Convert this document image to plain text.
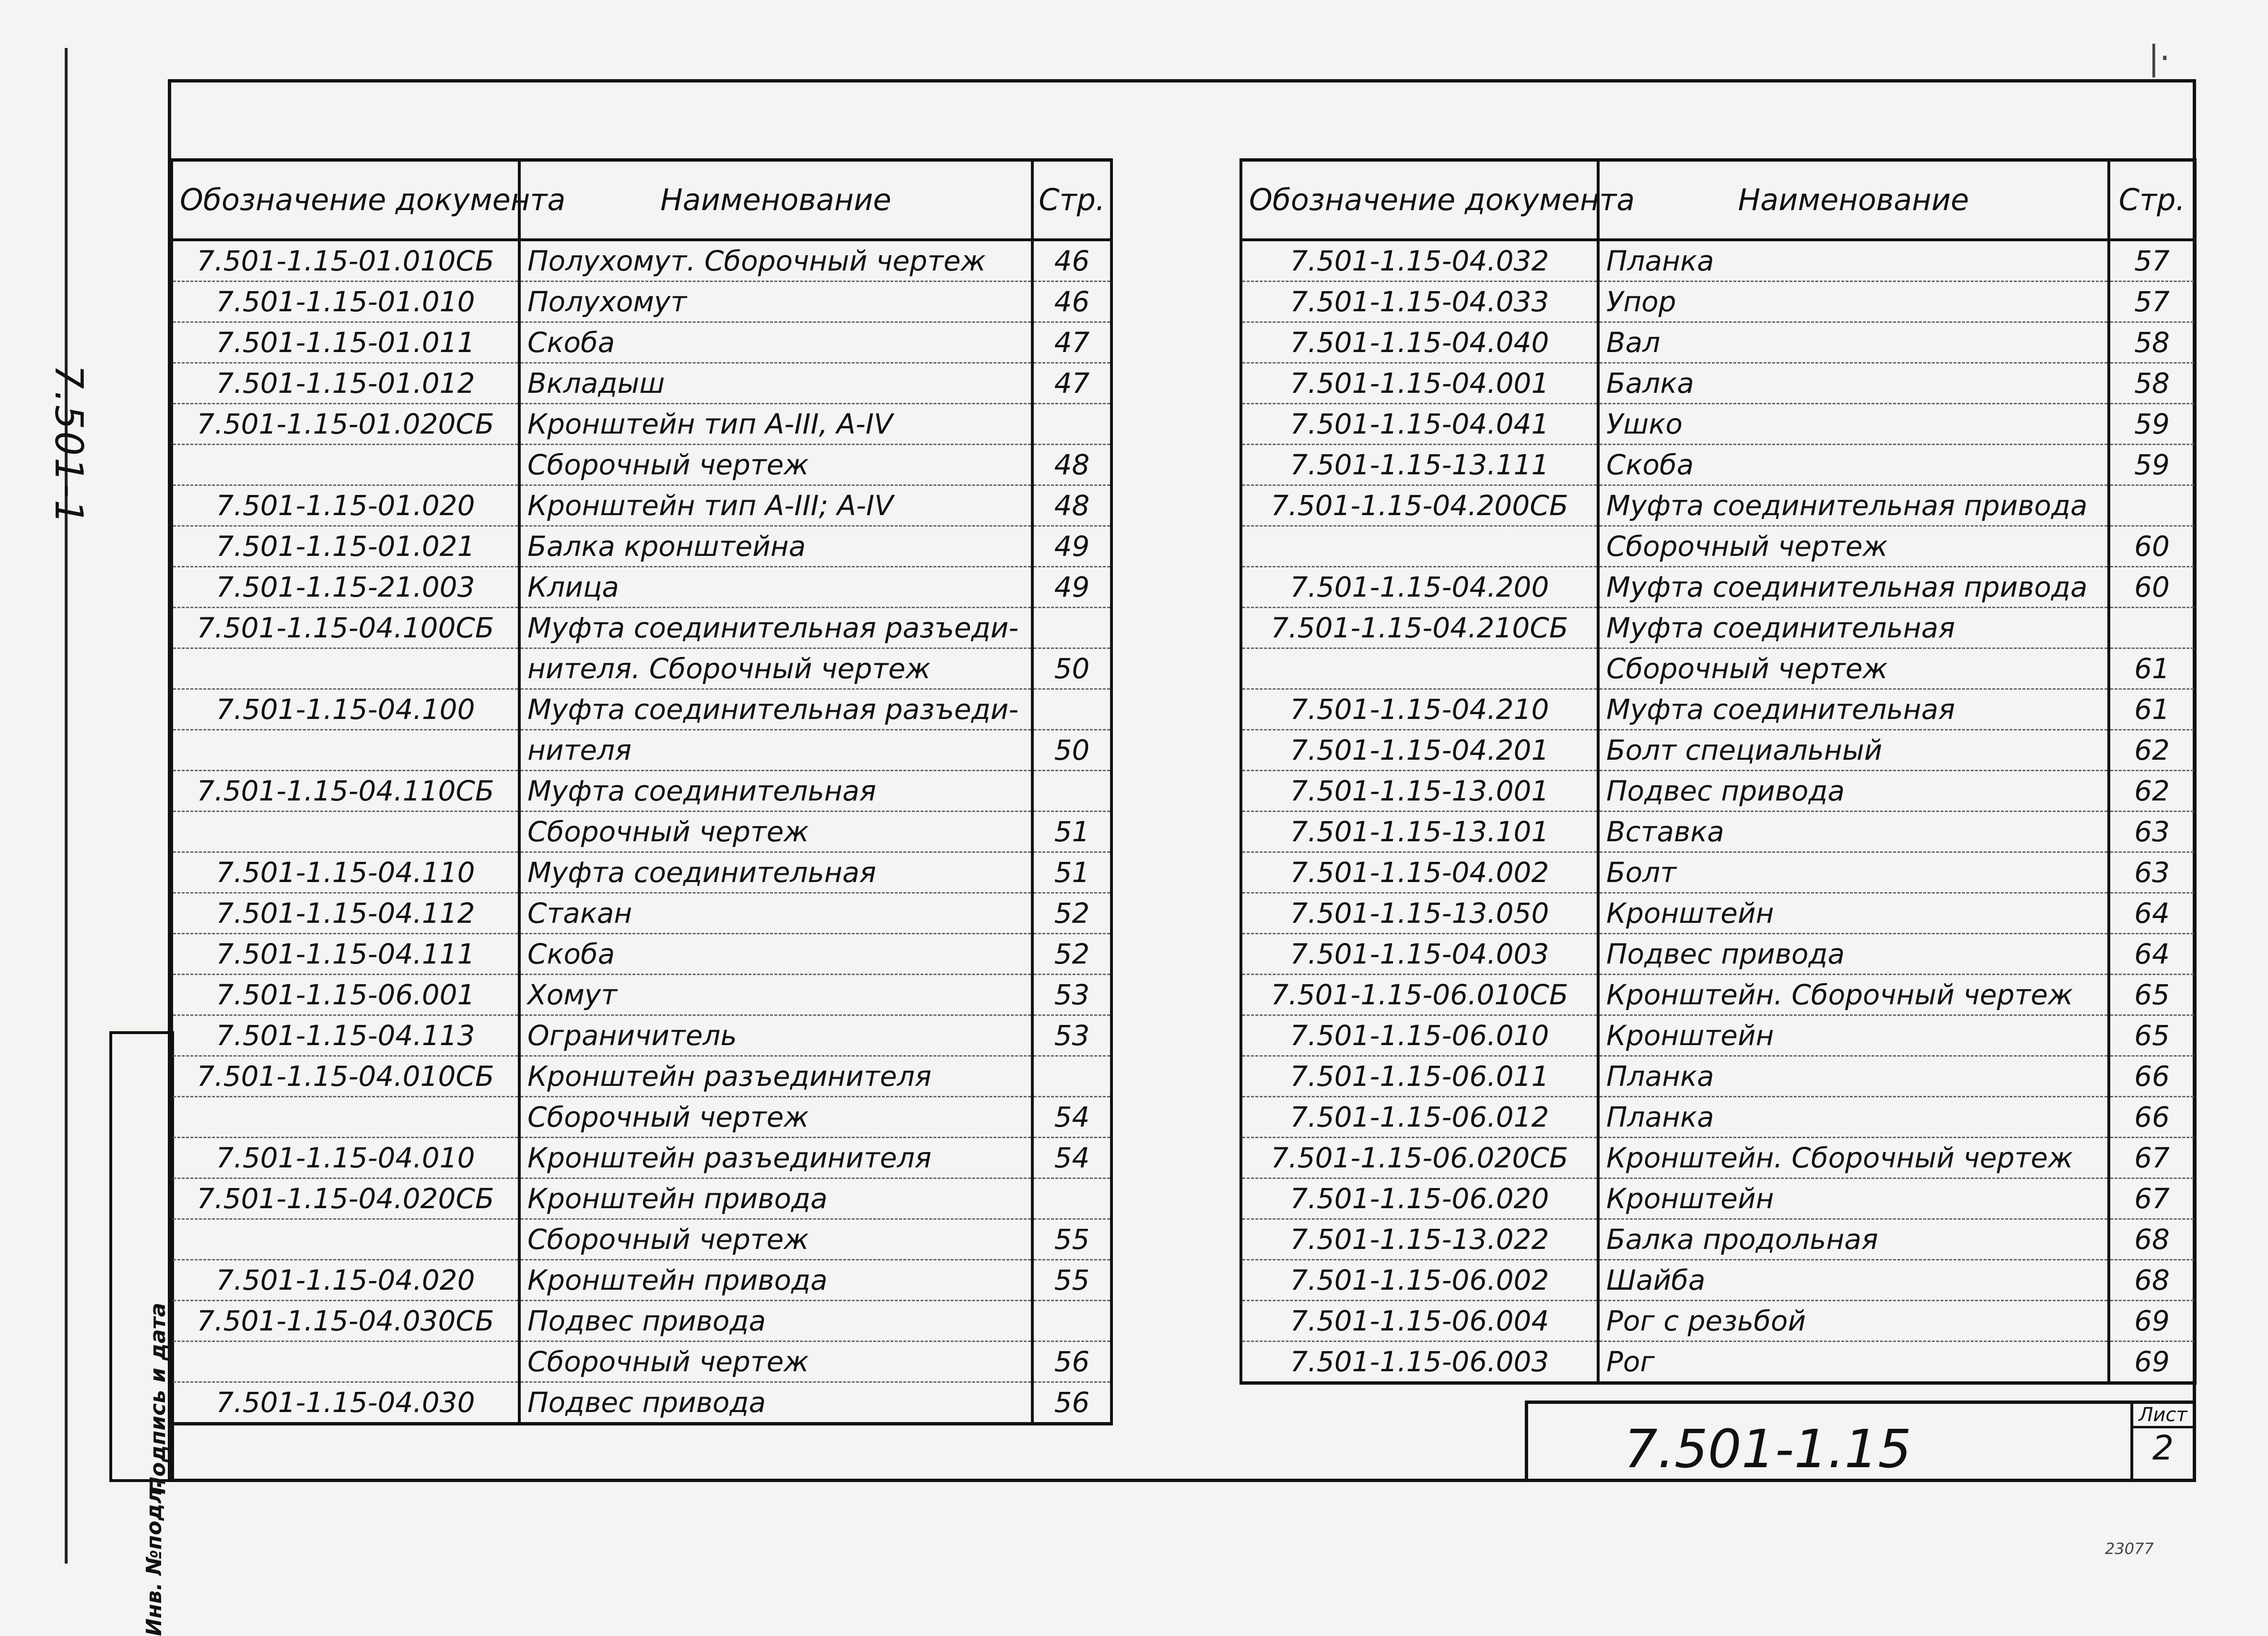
7.501-1
|·
Инв. №подл.
Подпись и дата
Обозначение документа	Наименование	Стр.
7.501-1.15-01.010СБ	Полухомут. Сборочный чертеж	46
7.501-1.15-01.010	Полухомут	46
7.501-1.15-01.011	Скоба	47
7.501-1.15-01.012	Вкладыш	47
7.501-1.15-01.020СБ	Кронштейн тип А-III, А-IV	
	Сборочный чертеж	48
7.501-1.15-01.020	Кронштейн тип А-III; А-IV	48
7.501-1.15-01.021	Балка кронштейна	49
7.501-1.15-21.003	Клица	49
7.501-1.15-04.100СБ	Муфта соединительная разъеди-	
	нителя. Сборочный чертеж	50
7.501-1.15-04.100	Муфта соединительная разъеди-	
	нителя	50
7.501-1.15-04.110СБ	Муфта соединительная	
	Сборочный чертеж	51
7.501-1.15-04.110	Муфта соединительная	51
7.501-1.15-04.112	Стакан	52
7.501-1.15-04.111	Скоба	52
7.501-1.15-06.001	Хомут	53
7.501-1.15-04.113	Ограничитель	53
7.501-1.15-04.010СБ	Кронштейн разъединителя	
	Сборочный чертеж	54
7.501-1.15-04.010	Кронштейн разъединителя	54
7.501-1.15-04.020СБ	Кронштейн привода	
	Сборочный чертеж	55
7.501-1.15-04.020	Кронштейн привода	55
7.501-1.15-04.030СБ	Подвес привода	
	Сборочный чертеж	56
7.501-1.15-04.030	Подвес привода	56
Обозначение документа	Наименование	Стр.
7.501-1.15-04.032	Планка	57
7.501-1.15-04.033	Упор	57
7.501-1.15-04.040	Вал	58
7.501-1.15-04.001	Балка	58
7.501-1.15-04.041	Ушко	59
7.501-1.15-13.111	Скоба	59
7.501-1.15-04.200СБ	Муфта соединительная привода	
	Сборочный чертеж	60
7.501-1.15-04.200	Муфта соединительная привода	60
7.501-1.15-04.210СБ	Муфта соединительная	
	Сборочный чертеж	61
7.501-1.15-04.210	Муфта соединительная	61
7.501-1.15-04.201	Болт специальный	62
7.501-1.15-13.001	Подвес привода	62
7.501-1.15-13.101	Вставка	63
7.501-1.15-04.002	Болт	63
7.501-1.15-13.050	Кронштейн	64
7.501-1.15-04.003	Подвес привода	64
7.501-1.15-06.010СБ	Кронштейн. Сборочный чертеж	65
7.501-1.15-06.010	Кронштейн	65
7.501-1.15-06.011	Планка	66
7.501-1.15-06.012	Планка	66
7.501-1.15-06.020СБ	Кронштейн. Сборочный чертеж	67
7.501-1.15-06.020	Кронштейн	67
7.501-1.15-13.022	Балка продольная	68
7.501-1.15-06.002	Шайба	68
7.501-1.15-06.004	Рог с резьбой	69
7.501-1.15-06.003	Рог	69
7.501-1.15
Лист
2
23077
